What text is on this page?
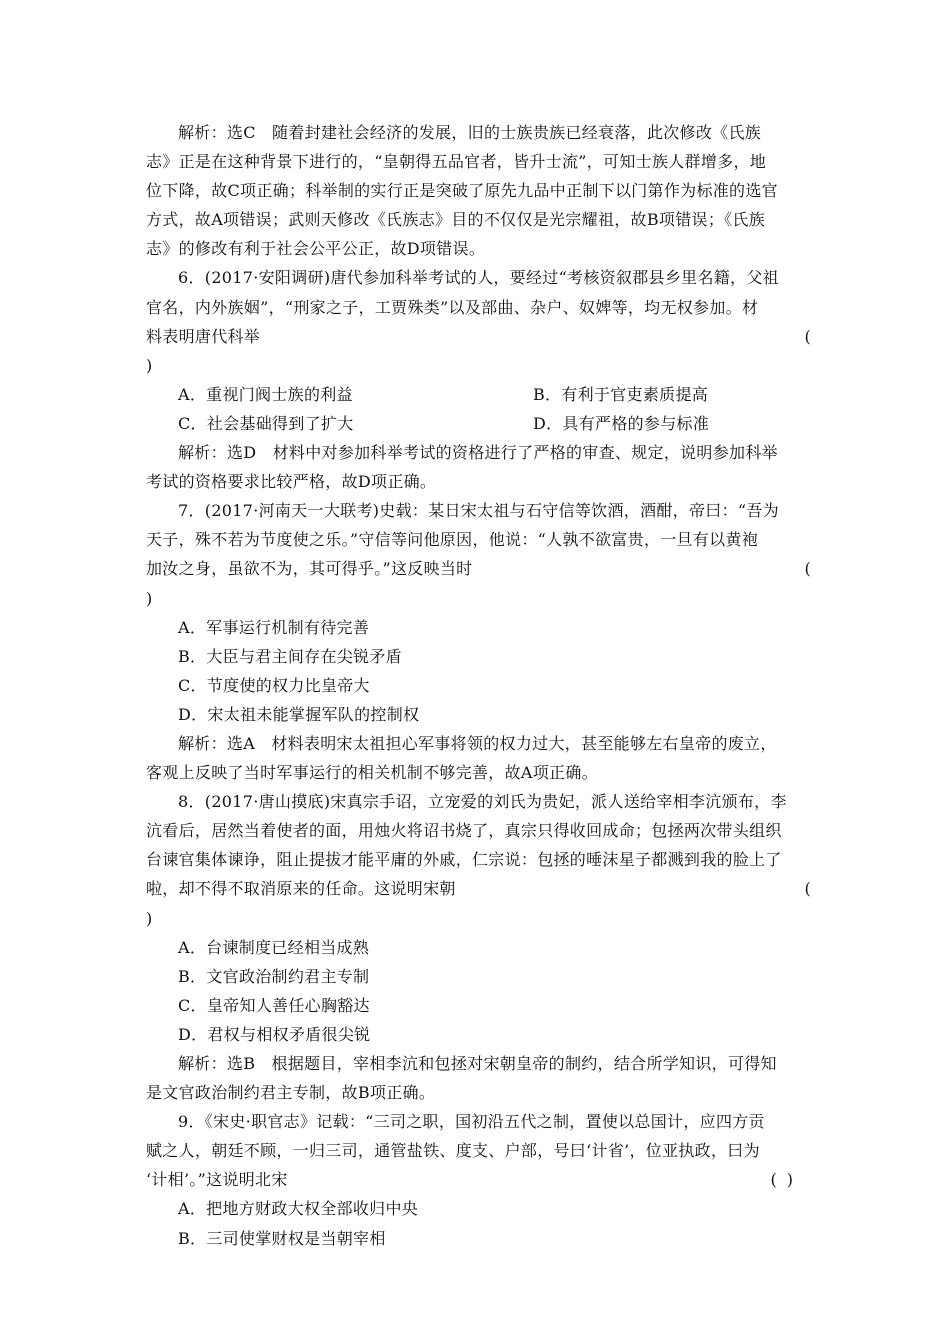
解析：选C　随着封建社会经济的发展，旧的士族贵族已经衰落，此次修改《氏族
志》正是在这种背景下进行的，“皇朝得五品官者，皆升士流”，可知士族人群增多，地
位下降，故C项正确；科举制的实行正是突破了原先九品中正制下以门第作为标准的选官
方式，故A项错误；武则天修改《氏族志》目的不仅仅是光宗耀祖，故B项错误；《氏族
志》的修改有利于社会公平公正，故D项错误。
6．(2017·安阳调研)唐代参加科举考试的人，要经过“考核资叙郡县乡里名籍，父祖
官名，内外族姻”，“刑家之子，工贾殊类”以及部曲、杂户、奴婢等，均无权参加。材
料表明唐代科举	(
)
A．重视门阀士族的利益	B．有利于官吏素质提高
C．社会基础得到了扩大	D．具有严格的参与标准
解析：选D　材料中对参加科举考试的资格进行了严格的审查、规定，说明参加科举
考试的资格要求比较严格，故D项正确。
7．(2017·河南天一大联考)史载：某日宋太祖与石守信等饮酒，酒酣，帝曰：“吾为
天子，殊不若为节度使之乐。”守信等问他原因，他说：“人孰不欲富贵，一旦有以黄袍
加汝之身，虽欲不为，其可得乎。”这反映当时	(
)
A．军事运行机制有待完善
B．大臣与君主间存在尖锐矛盾
C．节度使的权力比皇帝大
D．宋太祖未能掌握军队的控制权
解析：选A　材料表明宋太祖担心军事将领的权力过大，甚至能够左右皇帝的废立，
客观上反映了当时军事运行的相关机制不够完善，故A项正确。
8．(2017·唐山摸底)宋真宗手诏，立宠爱的刘氏为贵妃，派人送给宰相李沆颁布，李
沆看后，居然当着使者的面，用烛火将诏书烧了，真宗只得收回成命；包拯两次带头组织
台谏官集体谏诤，阻止提拔才能平庸的外戚，仁宗说：包拯的唾沫星子都溅到我的脸上了
啦，却不得不取消原来的任命。这说明宋朝	(
)
A．台谏制度已经相当成熟
B．文官政治制约君主专制
C．皇帝知人善任心胸豁达
D．君权与相权矛盾很尖锐
解析：选B　根据题目，宰相李沆和包拯对宋朝皇帝的制约，结合所学知识，可得知
是文官政治制约君主专制，故B项正确。
9．《宋史·职官志》记载：“三司之职，国初沿五代之制，置使以总国计，应四方贡
赋之人，朝廷不顾，一归三司，通管盐铁、度支、户部，号曰‘计省’，位亚执政，曰为
‘计相’。”这说明北宋	()
A．把地方财政大权全部收归中央
B．三司使掌财权是当朝宰相
